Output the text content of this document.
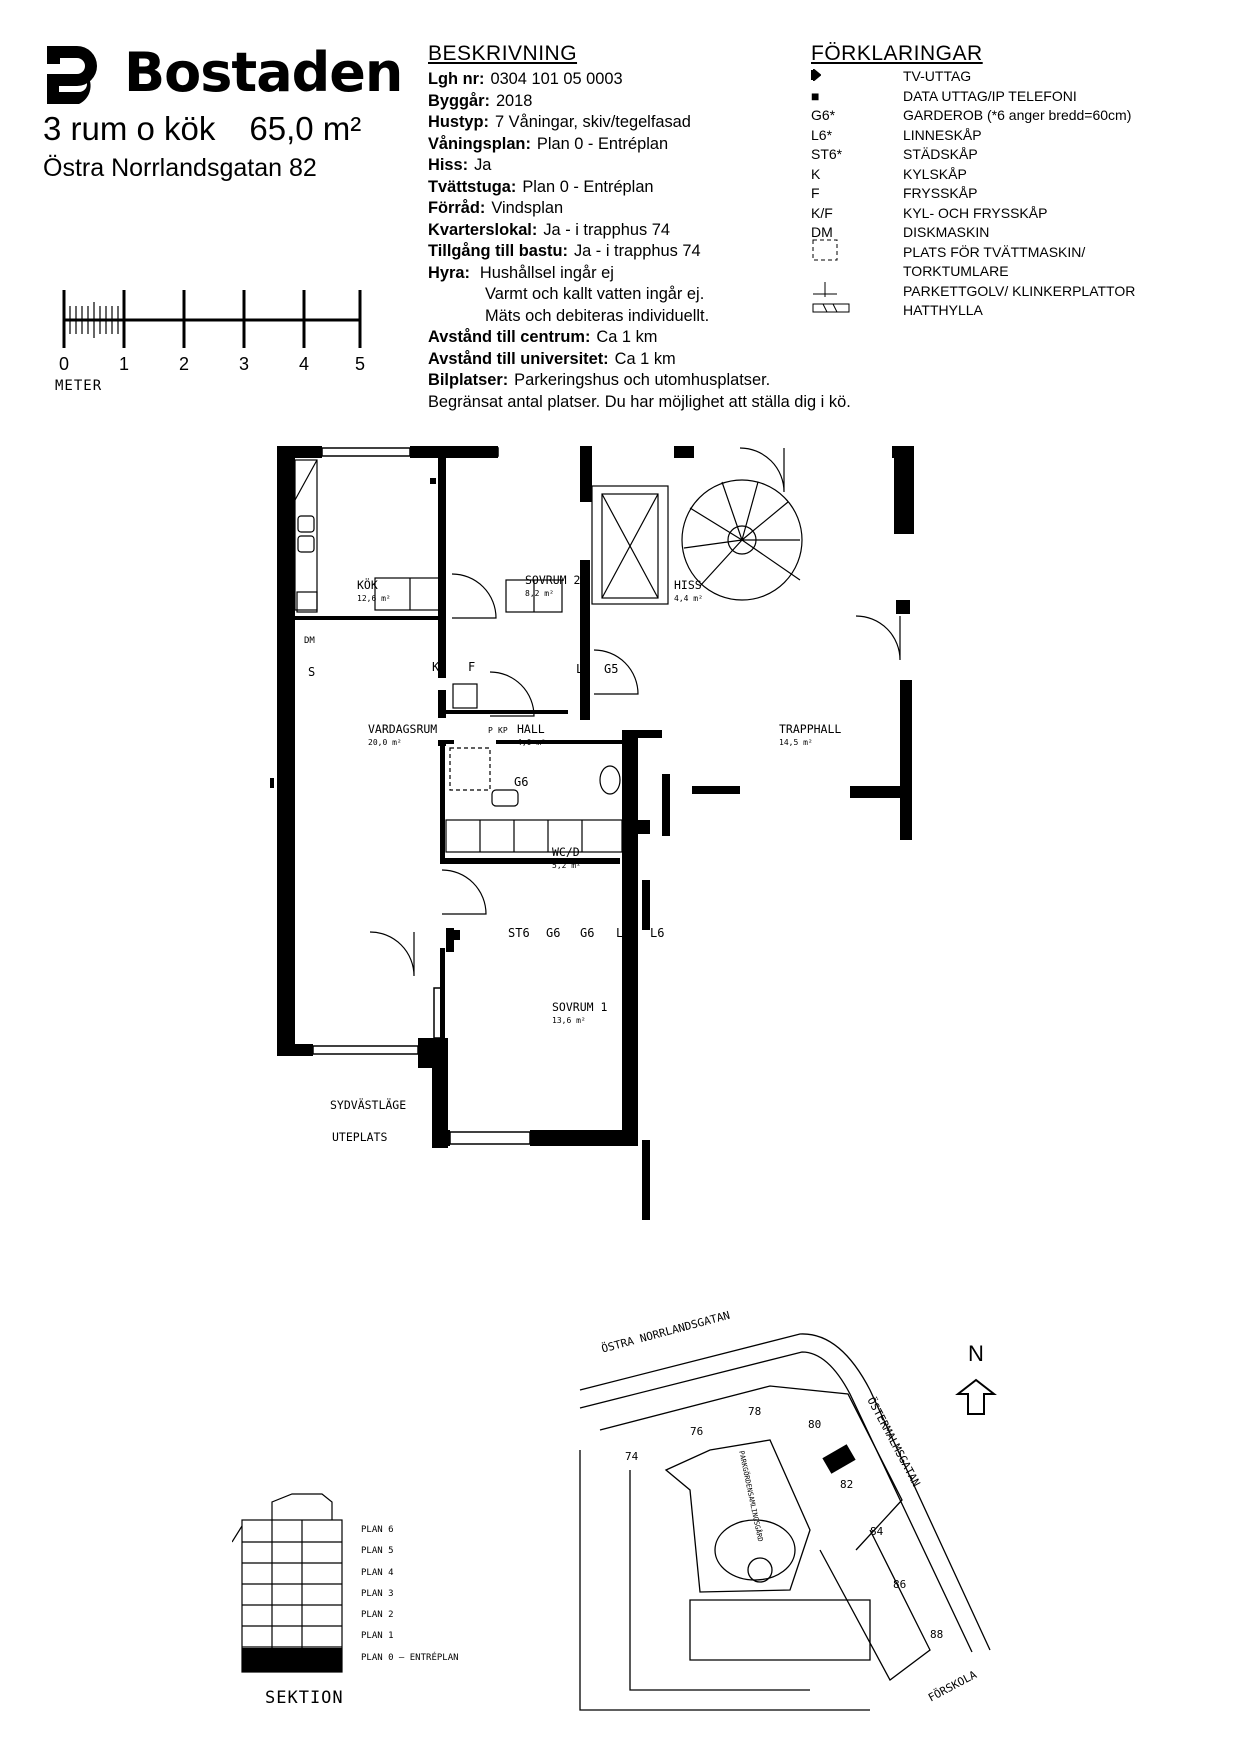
Bostaden
3 rum o kök 65,0 m²
Östra Norrlandsgatan 82
0	1	2	3	4	5
METER
BESKRIVNING
Lgh nr: 0304 101 05 0003
Byggår: 2018
Hustyp: 7 Våningar, skiv/tegelfasad
Våningsplan: Plan 0 - Entréplan
Hiss: Ja
Tvättstuga: Plan 0 - Entréplan
Förråd: Vindsplan
Kvarterslokal: Ja - i trapphus 74
Tillgång till bastu: Ja - i trapphus 74
Hyra: Hushållsel ingår ej
Varmt och kallt vatten ingår ej.
Mäts och debiteras individuellt.
Avstånd till centrum: Ca 1 km
Avstånd till universitet: Ca 1 km
Bilplatser: Parkeringshus och utomhusplatser.
Begränsat antal platser. Du har möjlighet att ställa dig i kö.
FÖRKLARINGAR
TV-UTTAG
■	DATA UTTAG/IP TELEFONI
G6*	GARDEROB (*6 anger bredd=60cm)
L6*	LINNESKÅP
ST6*	STÄDSKÅP
K	KYLSKÅP
F	FRYSSKÅP
K/F	KYL- OCH FRYSSKÅP
DM	DISKMASKIN
PLATS FÖR TVÄTTMASKIN/
TORKTUMLARE
PARKETTGOLV/ KLINKERPLATTOR
HATTHYLLA
KÖK
12,6 m²
SOVRUM 2
8,2 m²
HISS
4,4 m²
VARDAGSRUM
20,0 m²
HALL
4,0 m²
TRAPPHALL
14,5 m²
WC/D
5,2 m²
SOVRUM 1
13,6 m²
K F
DM
S	L5 G5
G6
ST6 G6 G6 L6 L6
P KP
SYDVÄSTLÄGE
UTEPLATS
PLAN 6
PLAN 5
PLAN 4
PLAN 3
PLAN 2
PLAN 1
PLAN 0 – ENTRÉPLAN
SEKTION
ÖSTRA NORRLANDSGATAN
ÖSTERMALMSGATAN
FÖRSKOLA
PARKGÖRDENSAMLINGSGÅRD
74
76
78
80
82
84
86
88
N
